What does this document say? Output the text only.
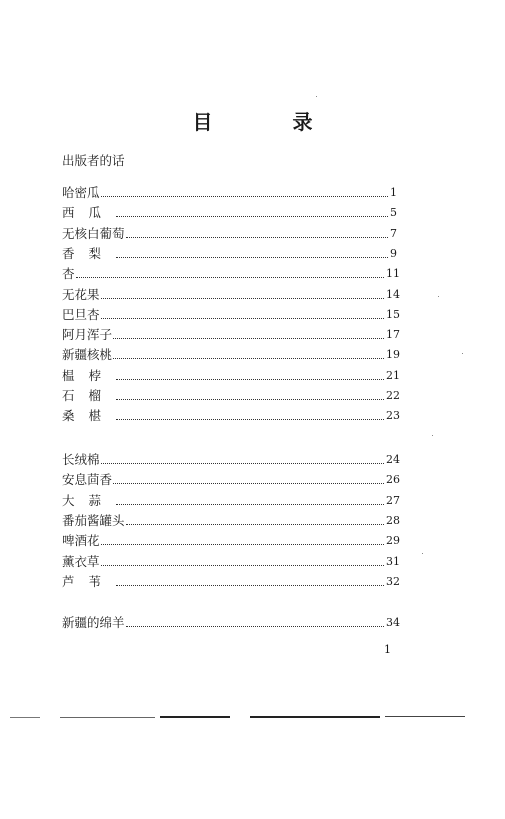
目　录
出版者的话
哈密瓜	1
西瓜	5
无核白葡萄	7
香梨	9
杏	11
无花果	14
巴旦杏	15
阿月浑子	17
新疆核桃	19
榅桲	21
石榴	22
桑椹	23
长绒棉	24
安息茴香	26
大蒜	27
番茄酱罐头	28
啤酒花	29
薰衣草	31
芦苇	32
新疆的绵羊	34
1
